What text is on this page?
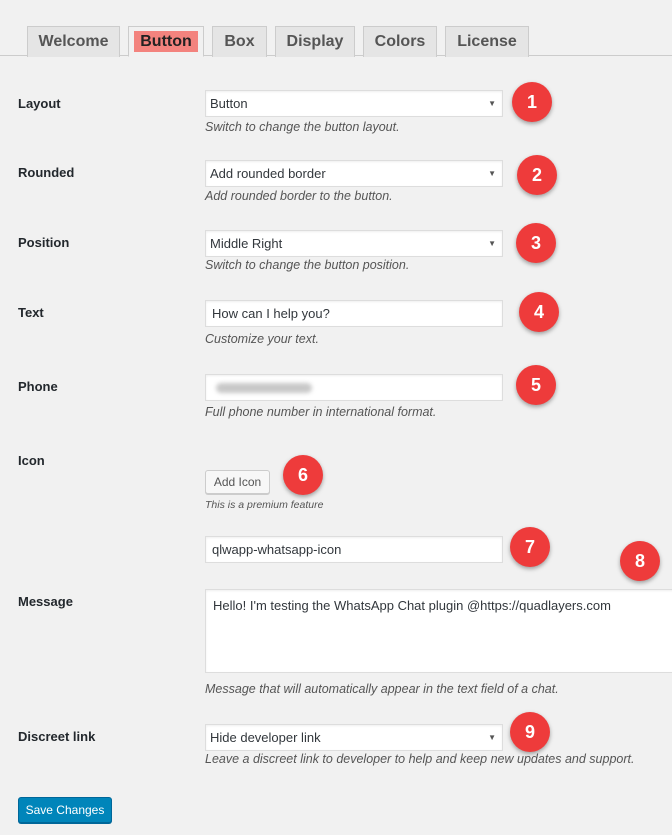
Welcome	Button	Box	Display	Colors	License
Layout	Button	▼
Switch to change the button layout.
1
Rounded	Add rounded border	▼
Add rounded border to the button.
2
Position	Middle Right	▼
Switch to change the button position.
3
Text	How can I help you?
Customize your text.
4
Phone
Full phone number in international format.
5
Icon
Add Icon
This is a premium feature
6
qlwapp-whatsapp-icon	7
8
Message	Hello! I'm testing the WhatsApp Chat plugin @https://quadlayers.com
Message that will automatically appear in the text field of a chat.
Discreet link	Hide developer link	▼
Leave a discreet link to developer to help and keep new updates and support.
9
Save Changes
